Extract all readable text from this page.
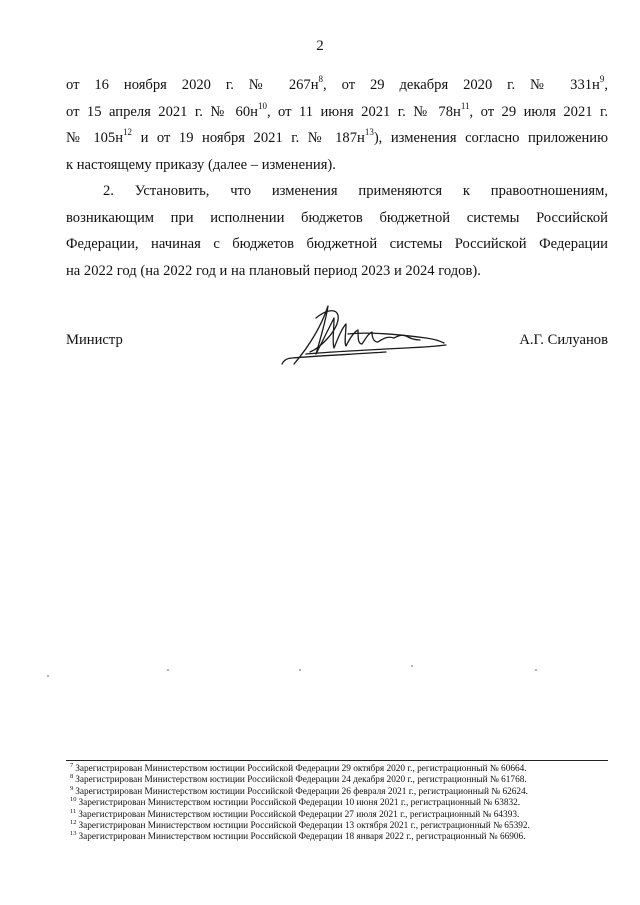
2
от 16 ноября 2020 г. № $267н^8$, от 29 декабря 2020 г. № $331н^9$,
от 15 апреля 2021 г. № $60н^{10}$, от 11 июня 2021 г. № $78н^{11}$, от 29 июля 2021 г.
№ $105н^{12}$ и от 19 ноября 2021 г. № $187н^{13}$), изменения согласно приложению
к настоящему приказу (далее – изменения).
2. Установить, что изменения применяются к правоотношениям,
возникающим при исполнении бюджетов бюджетной системы Российской
Федерации, начиная с бюджетов бюджетной системы Российской Федерации
на 2022 год (на 2022 год и на плановый период 2023 и 2024 годов).
Министр	А.Г. Силуанов
$^7$ Зарегистрирован Министерством юстиции Российской Федерации 29 октября 2020 г., регистрационный № 60664.
$^8$ Зарегистрирован Министерством юстиции Российской Федерации 24 декабря 2020 г., регистрационный № 61768.
$^9$ Зарегистрирован Министерством юстиции Российской Федерации 26 февраля 2021 г., регистрационный № 62624.
$^{10}$ Зарегистрирован Министерством юстиции Российской Федерации 10 июня 2021 г., регистрационный № 63832.
$^{11}$ Зарегистрирован Министерством юстиции Российской Федерации 27 июля 2021 г., регистрационный № 64393.
$^{12}$ Зарегистрирован Министерством юстиции Российской Федерации 13 октября 2021 г., регистрационный № 65392.
$^{13}$ Зарегистрирован Министерством юстиции Российской Федерации 18 января 2022 г., регистрационный № 66906.
